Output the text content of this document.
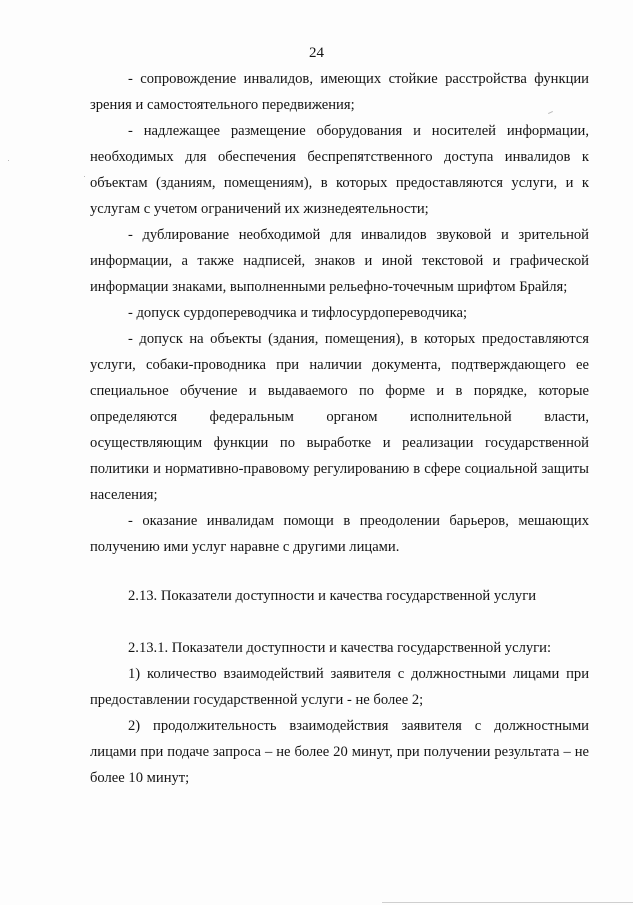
24

- сопровождение инвалидов, имеющих стойкие расстройства функции зрения и самостоятельного передвижения;

- надлежащее размещение оборудования и носителей информации, необходимых для обеспечения беспрепятственного доступа инвалидов к объектам (зданиям, помещениям), в которых предоставляются услуги, и к услугам с учетом ограничений их жизнедеятельности;

- дублирование необходимой для инвалидов звуковой и зрительной информации, а также надписей, знаков и иной текстовой и графической информации знаками, выполненными рельефно-точечным шрифтом Брайля;

- допуск сурдопереводчика и тифлосурдопереводчика;

- допуск на объекты (здания, помещения), в которых предоставляются услуги, собаки-проводника при наличии документа, подтверждающего ее специальное обучение и выдаваемого по форме и в порядке, которые определяются федеральным органом исполнительной власти, осуществляющим функции по выработке и реализации государственной политики и нормативно-правовому регулированию в сфере социальной защиты населения;

- оказание инвалидам помощи в преодолении барьеров, мешающих получению ими услуг наравне с другими лицами.

2.13. Показатели доступности и качества государственной услуги

2.13.1. Показатели доступности и качества государственной услуги:

1) количество взаимодействий заявителя с должностными лицами при предоставлении государственной услуги - не более 2;

2) продолжительность взаимодействия заявителя с должностными лицами при подаче запроса – не более 20 минут, при получении результата – не более 10 минут;
